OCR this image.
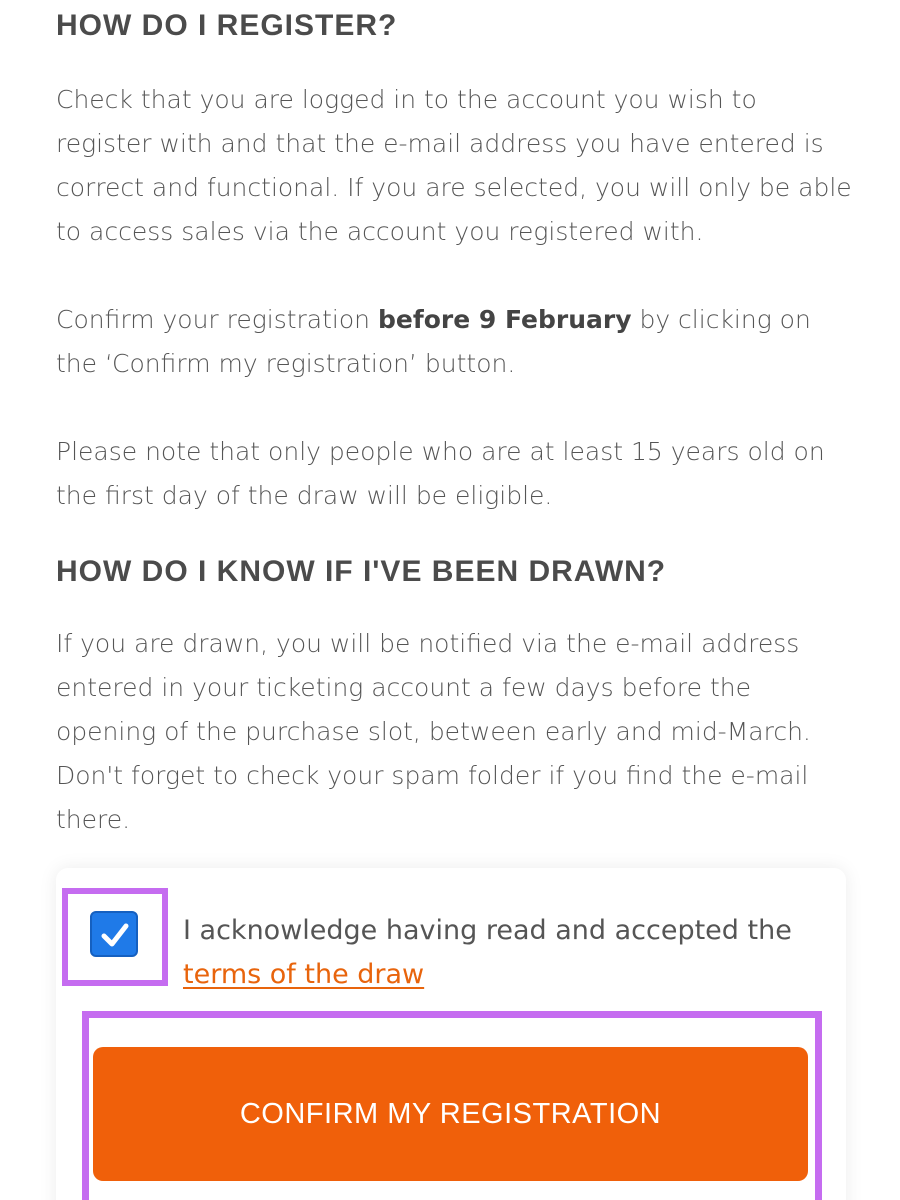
HOW DO I REGISTER?

Check that you are logged in to the account you wish to register with and that the e-mail address you have entered is correct and functional. If you are selected, you will only be able to access sales via the account you registered with.

Confirm your registration before 9 February by clicking on the ‘Confirm my registration’ button.

Please note that only people who are at least 15 years old on the first day of the draw will be eligible.

HOW DO I KNOW IF I'VE BEEN DRAWN?

If you are drawn, you will be notified via the e-mail address entered in your ticketing account a few days before the opening of the purchase slot, between early and mid-March. Don't forget to check your spam folder if you find the e-mail there.

I acknowledge having read and accepted the
terms of the draw

CONFIRM MY REGISTRATION
